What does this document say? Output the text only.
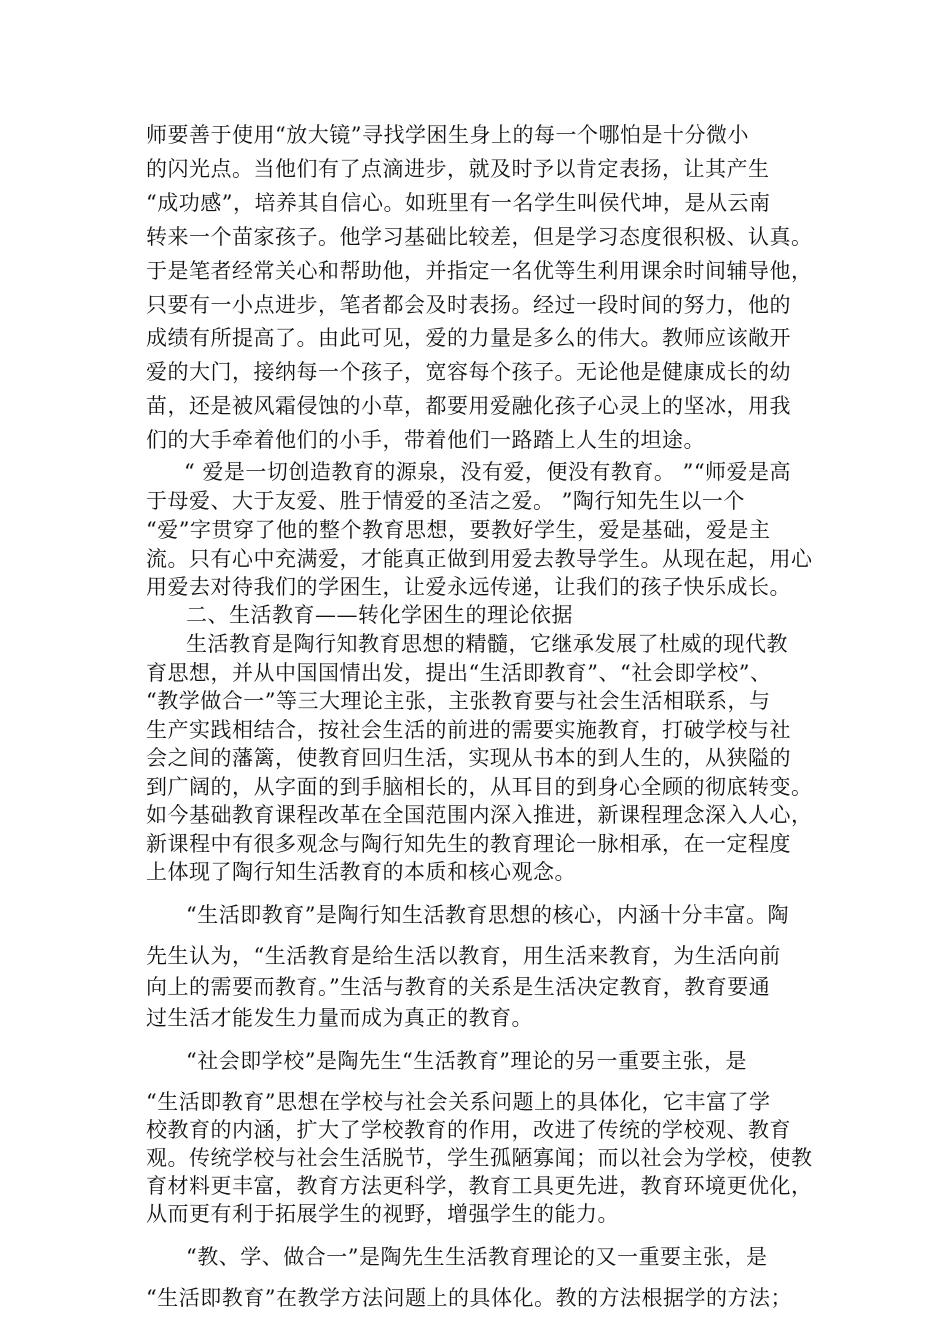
师要善于使用“放大镜”寻找学困生身上的每一个哪怕是十分微小

的闪光点。当他们有了点滴进步，就及时予以肯定表扬，让其产生

“成功感”，培养其自信心。如班里有一名学生叫侯代坤，是从云南

转来一个苗家孩子。他学习基础比较差，但是学习态度很积极、认真。

于是笔者经常关心和帮助他，并指定一名优等生利用课余时间辅导他，

只要有一小点进步，笔者都会及时表扬。经过一段时间的努力，他的

成绩有所提高了。由此可见，爱的力量是多么的伟大。教师应该敞开

爱的大门，接纳每一个孩子，宽容每个孩子。无论他是健康成长的幼

苗，还是被风霜侵蚀的小草，都要用爱融化孩子心灵上的坚冰，用我

们的大手牵着他们的小手，带着他们一路踏上人生的坦途。

“ 爱是一切创造教育的源泉，没有爱，便没有教育。 ”“师爱是高

于母爱、大于友爱、胜于情爱的圣洁之爱。 ”陶行知先生以一个

“爱”字贯穿了他的整个教育思想，要教好学生，爱是基础，爱是主

流。只有心中充满爱，才能真正做到用爱去教导学生。从现在起，用心

用爱去对待我们的学困生，让爱永远传递，让我们的孩子快乐成长。

二、生活教育——转化学困生的理论依据

生活教育是陶行知教育思想的精髓，它继承发展了杜威的现代教

育思想，并从中国国情出发，提出“生活即教育”、“社会即学校”、

“教学做合一”等三大理论主张，主张教育要与社会生活相联系，与

生产实践相结合，按社会生活的前进的需要实施教育，打破学校与社

会之间的藩篱，使教育回归生活，实现从书本的到人生的，从狭隘的

到广阔的，从字面的到手脑相长的，从耳目的到身心全顾的彻底转变。

如今基础教育课程改革在全国范围内深入推进，新课程理念深入人心，

新课程中有很多观念与陶行知先生的教育理论一脉相承，在一定程度

上体现了陶行知生活教育的本质和核心观念。

“生活即教育”是陶行知生活教育思想的核心，内涵十分丰富。陶

先生认为，“生活教育是给生活以教育，用生活来教育，为生活向前

向上的需要而教育。”生活与教育的关系是生活决定教育，教育要通

过生活才能发生力量而成为真正的教育。

“社会即学校”是陶先生“生活教育”理论的另一重要主张，是

“生活即教育”思想在学校与社会关系问题上的具体化，它丰富了学

校教育的内涵，扩大了学校教育的作用，改进了传统的学校观、教育

观。传统学校与社会生活脱节，学生孤陋寡闻；而以社会为学校，使教

育材料更丰富，教育方法更科学，教育工具更先进，教育环境更优化，

从而更有利于拓展学生的视野，增强学生的能力。

“教、学、做合一”是陶先生生活教育理论的又一重要主张，是

“生活即教育”在教学方法问题上的具体化。教的方法根据学的方法；
